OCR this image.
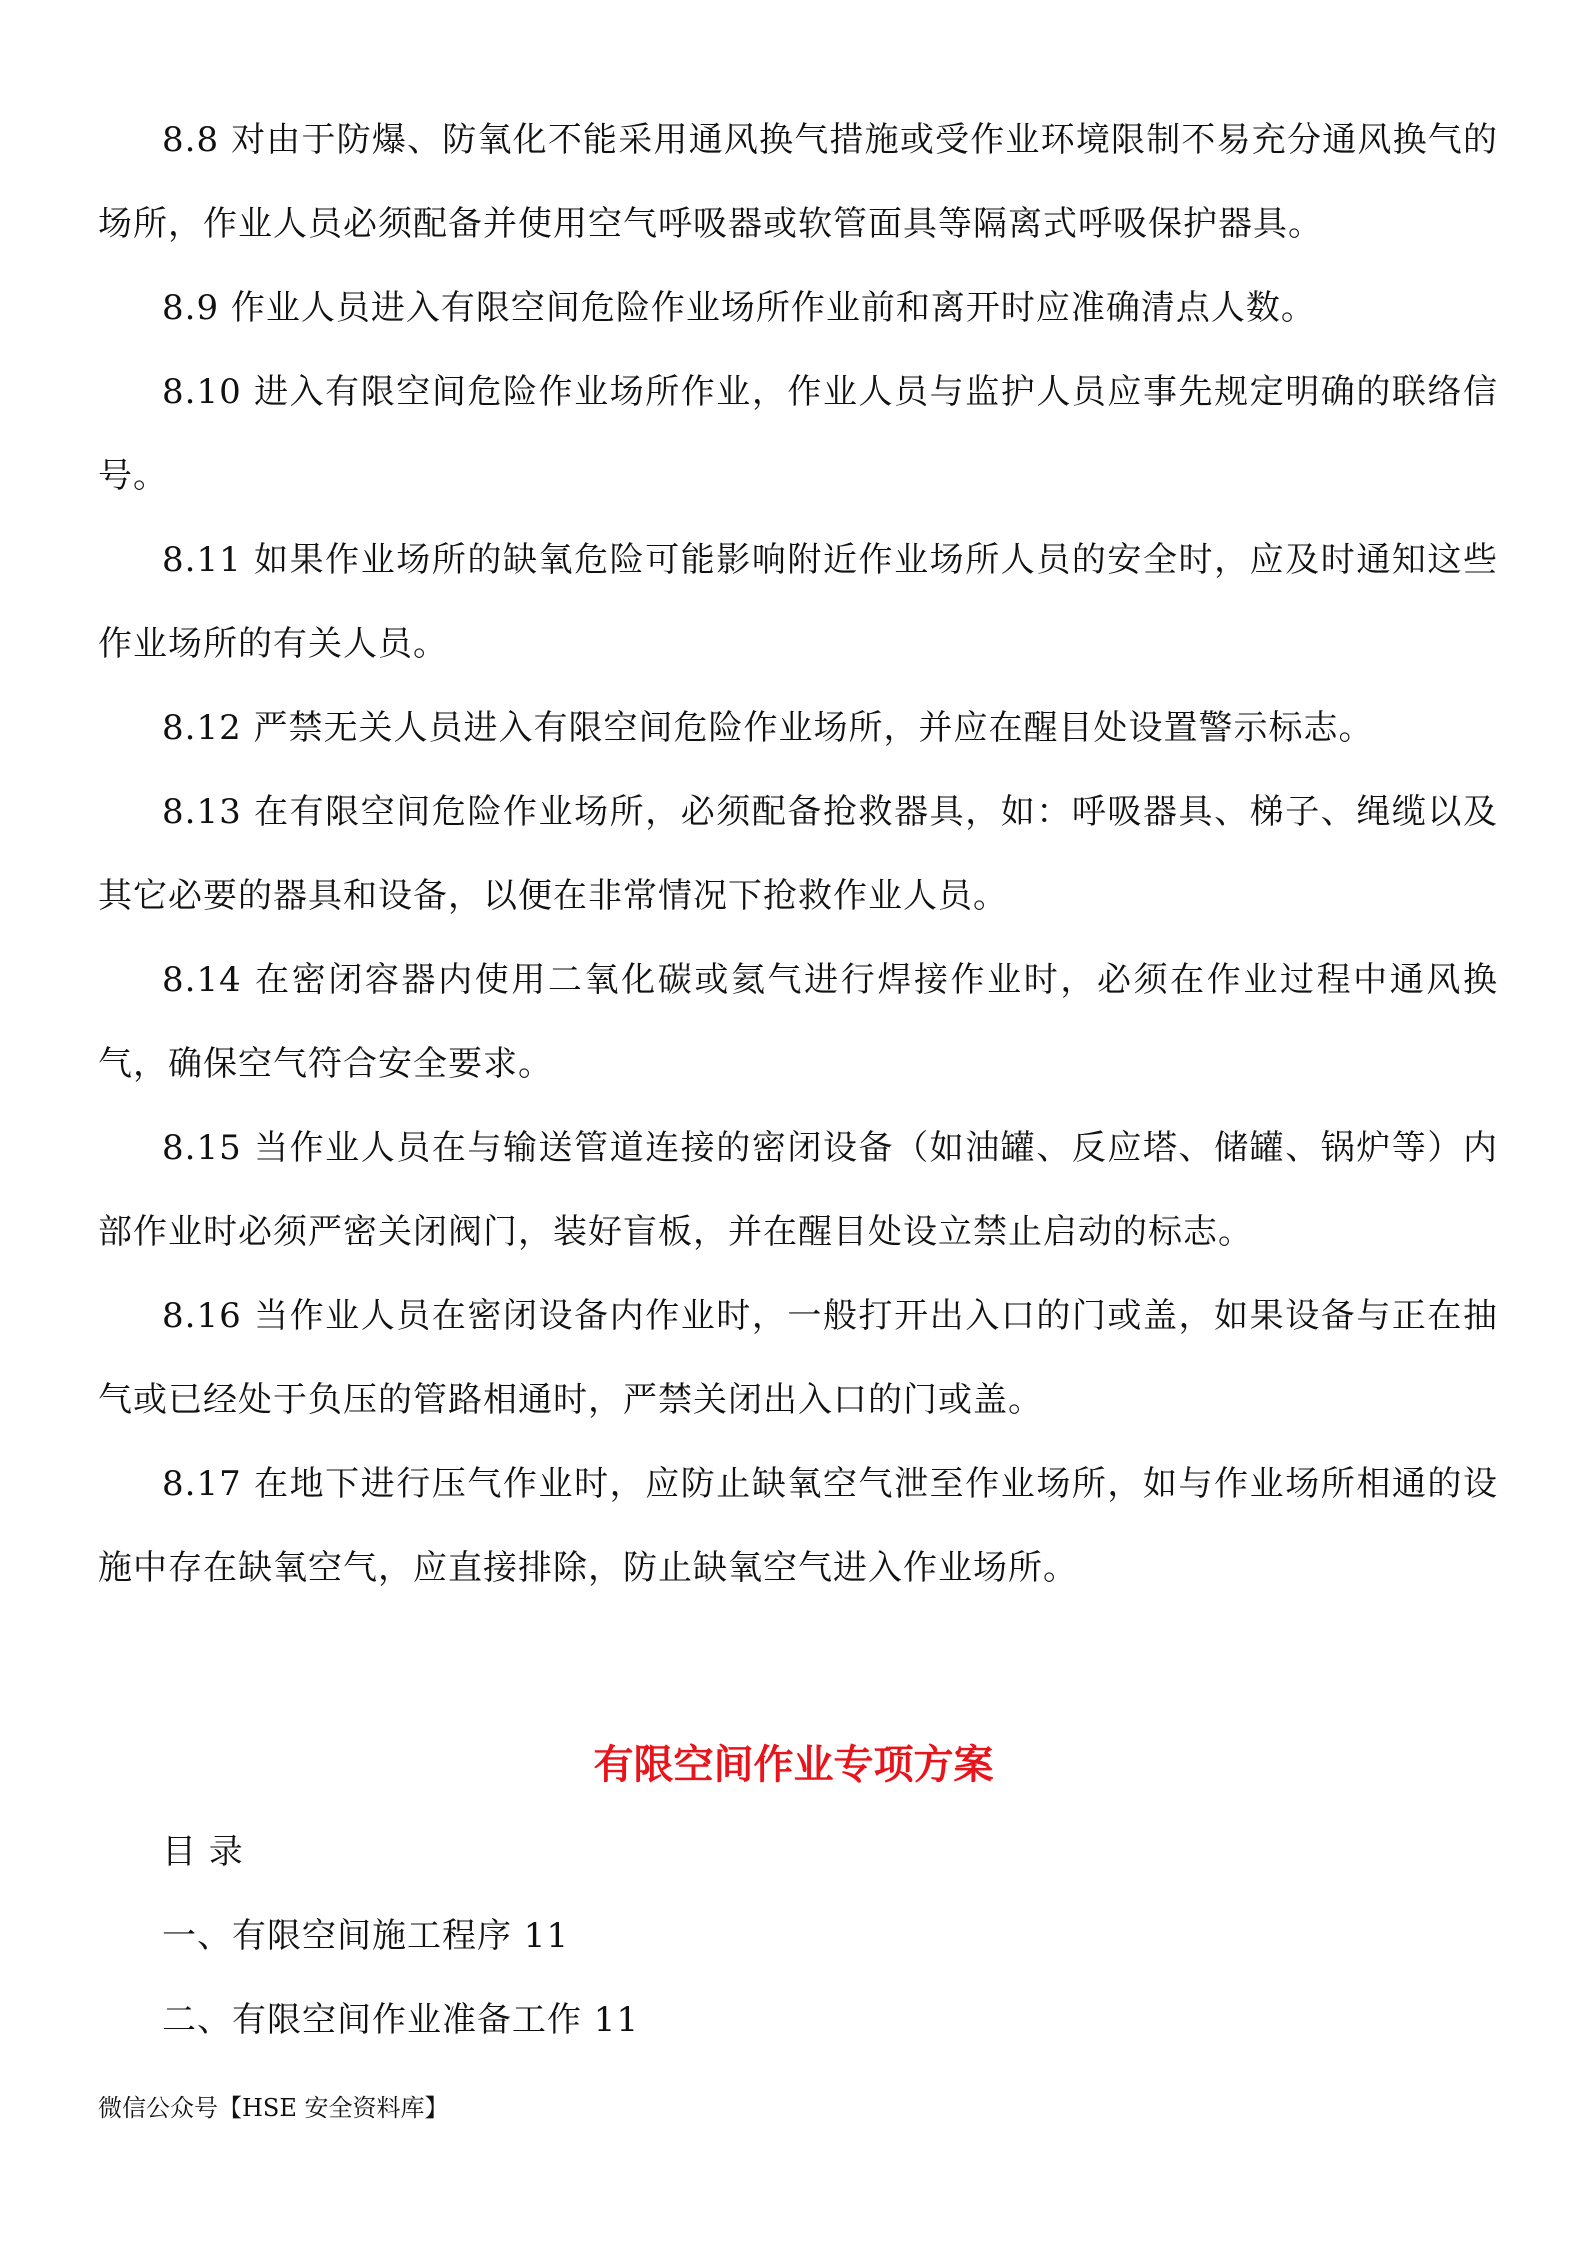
8.8 对由于防爆、防氧化不能采用通风换气措施或受作业环境限制不易充分通风换气的场所，作业人员必须配备并使用空气呼吸器或软管面具等隔离式呼吸保护器具。

8.9 作业人员进入有限空间危险作业场所作业前和离开时应准确清点人数。

8.10 进入有限空间危险作业场所作业，作业人员与监护人员应事先规定明确的联络信号。

8.11 如果作业场所的缺氧危险可能影响附近作业场所人员的安全时，应及时通知这些作业场所的有关人员。

8.12 严禁无关人员进入有限空间危险作业场所，并应在醒目处设置警示标志。

8.13 在有限空间危险作业场所，必须配备抢救器具，如：呼吸器具、梯子、绳缆以及其它必要的器具和设备，以便在非常情况下抢救作业人员。

8.14 在密闭容器内使用二氧化碳或氦气进行焊接作业时，必须在作业过程中通风换气，确保空气符合安全要求。

8.15 当作业人员在与输送管道连接的密闭设备（如油罐、反应塔、储罐、锅炉等）内部作业时必须严密关闭阀门，装好盲板，并在醒目处设立禁止启动的标志。

8.16 当作业人员在密闭设备内作业时，一般打开出入口的门或盖，如果设备与正在抽气或已经处于负压的管路相通时，严禁关闭出入口的门或盖。

8.17 在地下进行压气作业时，应防止缺氧空气泄至作业场所，如与作业场所相通的设施中存在缺氧空气，应直接排除，防止缺氧空气进入作业场所。

有限空间作业专项方案

目 录

一、有限空间施工程序 11

二、有限空间作业准备工作 11

微信公众号【HSE 安全资料库】
